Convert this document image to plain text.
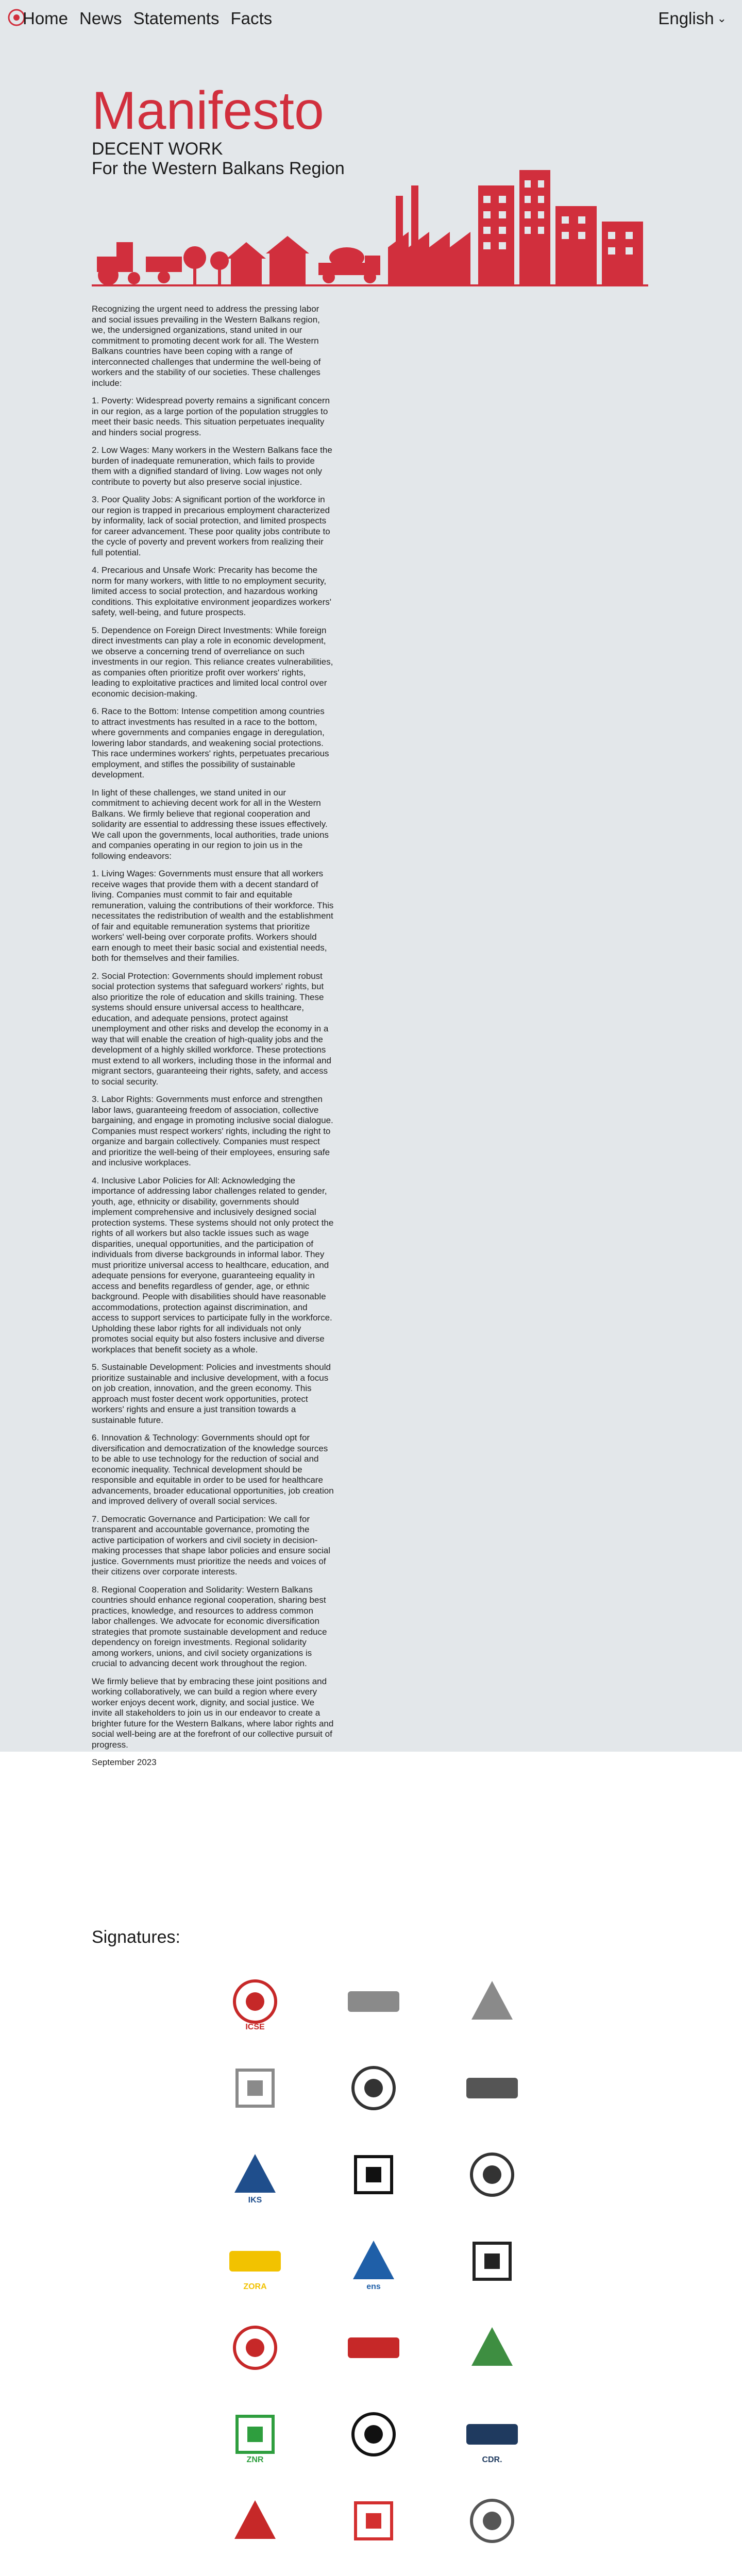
Home News Statements Facts	English ⌄
Manifesto
DECENT WORK
For the Western Balkans Region

Recognizing the urgent need to address the pressing labor and social issues prevailing in the Western Balkans region, we, the undersigned organizations, stand united in our commitment to promoting decent work for all. The Western Balkans countries have been coping with a range of interconnected challenges that undermine the well-being of workers and the stability of our societies. These challenges include:

1. Poverty: Widespread poverty remains a significant concern in our region, as a large portion of the population struggles to meet their basic needs. This situation perpetuates inequality and hinders social progress.

2. Low Wages: Many workers in the Western Balkans face the burden of inadequate remuneration, which fails to provide them with a dignified standard of living. Low wages not only contribute to poverty but also preserve social injustice.

3. Poor Quality Jobs: A significant portion of the workforce in our region is trapped in precarious employment characterized by informality, lack of social protection, and limited prospects for career advancement. These poor quality jobs contribute to the cycle of poverty and prevent workers from realizing their full potential.

4. Precarious and Unsafe Work: Precarity has become the norm for many workers, with little to no employment security, limited access to social protection, and hazardous working conditions. This exploitative environment jeopardizes workers' safety, well-being, and future prospects.

5. Dependence on Foreign Direct Investments: While foreign direct investments can play a role in economic development, we observe a concerning trend of overreliance on such investments in our region. This reliance creates vulnerabilities, as companies often prioritize profit over workers' rights, leading to exploitative practices and limited local control over economic decision-making.

6. Race to the Bottom: Intense competition among countries to attract investments has resulted in a race to the bottom, where governments and companies engage in deregulation, lowering labor standards, and weakening social protections. This race undermines workers' rights, perpetuates precarious employment, and stifles the possibility of sustainable development.

In light of these challenges, we stand united in our commitment to achieving decent work for all in the Western Balkans. We firmly believe that regional cooperation and solidarity are essential to addressing these issues effectively. We call upon the governments, local authorities, trade unions and companies operating in our region to join us in the following endeavors:

1. Living Wages: Governments must ensure that all workers receive wages that provide them with a decent standard of living. Companies must commit to fair and equitable remuneration, valuing the contributions of their workforce. This necessitates the redistribution of wealth and the establishment of fair and equitable remuneration systems that prioritize workers' well-being over corporate profits. Workers should earn enough to meet their basic social and existential needs, both for themselves and their families.

2. Social Protection: Governments should implement robust social protection systems that safeguard workers' rights, but also prioritize the role of education and skills training. These systems should ensure universal access to healthcare, education, and adequate pensions, protect against unemployment and other risks and develop the economy in a way that will enable the creation of high-quality jobs and the development of a highly skilled workforce. These protections must extend to all workers, including those in the informal and migrant sectors, guaranteeing their rights, safety, and access to social security.

3. Labor Rights: Governments must enforce and strengthen labor laws, guaranteeing freedom of association, collective bargaining, and engage in promoting inclusive social dialogue. Companies must respect workers' rights, including the right to organize and bargain collectively. Companies must respect and prioritize the well-being of their employees, ensuring safe and inclusive workplaces.

4. Inclusive Labor Policies for All: Acknowledging the importance of addressing labor challenges related to gender, youth, age, ethnicity or disability, governments should implement comprehensive and inclusively designed social protection systems. These systems should not only protect the rights of all workers but also tackle issues such as wage disparities, unequal opportunities, and the participation of individuals from diverse backgrounds in informal labor. They must prioritize universal access to healthcare, education, and adequate pensions for everyone, guaranteeing equality in access and benefits regardless of gender, age, or ethnic background. People with disabilities should have reasonable accommodations, protection against discrimination, and access to support services to participate fully in the workforce. Upholding these labor rights for all individuals not only promotes social equity but also fosters inclusive and diverse workplaces that benefit society as a whole.

5. Sustainable Development: Policies and investments should prioritize sustainable and inclusive development, with a focus on job creation, innovation, and the green economy. This approach must foster decent work opportunities, protect workers' rights and ensure a just transition towards a sustainable future.

6. Innovation & Technology: Governments should opt for diversification and democratization of the knowledge sources to be able to use technology for the reduction of social and economic inequality. Technical development should be responsible and equitable in order to be used for healthcare advancements, broader educational opportunities, job creation and improved delivery of overall social services.

7. Democratic Governance and Participation: We call for transparent and accountable governance, promoting the active participation of workers and civil society in decision-making processes that shape labor policies and ensure social justice. Governments must prioritize the needs and voices of their citizens over corporate interests.

8. Regional Cooperation and Solidarity: Western Balkans countries should enhance regional cooperation, sharing best practices, knowledge, and resources to address common labor challenges. We advocate for economic diversification strategies that promote sustainable development and reduce dependency on foreign investments. Regional solidarity among workers, unions, and civil society organizations is crucial to advancing decent work throughout the region.

We firmly believe that by embracing these joint positions and working collaboratively, we can build a region where every worker enjoys decent work, dignity, and social justice. We invite all stakeholders to join us in our endeavor to create a brighter future for the Western Balkans, where labor rights and social well-being are at the forefront of our collective pursuit of progress.

September 2023

Signatures:
ICSE
IKS
ZORA	ens
ZNR	CDR.
